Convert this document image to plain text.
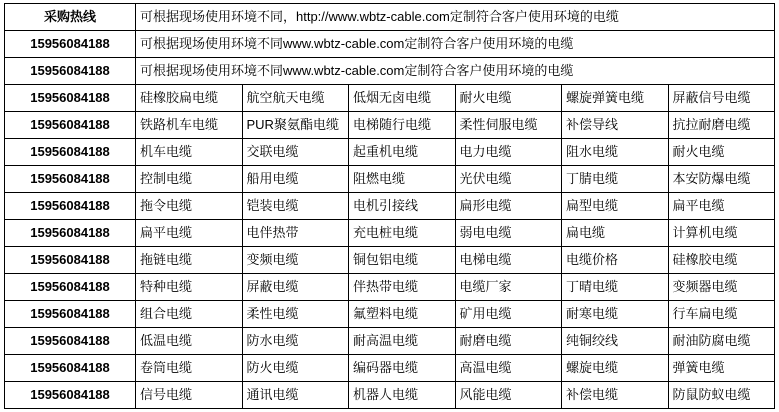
采购热线	可根据现场使用环境不同，http://www.wbtz-cable.com定制符合客户使用环境的电缆					
15956084188	可根据现场使用环境不同www.wbtz-cable.com定制符合客户使用环境的电缆					
15956084188	可根据现场使用环境不同www.wbtz-cable.com定制符合客户使用环境的电缆					
15956084188	硅橡胶扁电缆	航空航天电缆	低烟无卤电缆	耐火电缆	螺旋弹簧电缆	屏蔽信号电缆
15956084188	铁路机车电缆	PUR聚氨酯电缆	电梯随行电缆	柔性伺服电缆	补偿导线	抗拉耐磨电缆
15956084188	机车电缆	交联电缆	起重机电缆	电力电缆	阻水电缆	耐火电缆
15956084188	控制电缆	船用电缆	阻燃电缆	光伏电缆	丁腈电缆	本安防爆电缆
15956084188	拖令电缆	铠装电缆	电机引接线	扁形电缆	扁型电缆	扁平电缆
15956084188	扁平电缆	电伴热带	充电桩电缆	弱电电缆	扁电缆	计算机电缆
15956084188	拖链电缆	变频电缆	铜包铝电缆	电梯电缆	电缆价格	硅橡胶电缆
15956084188	特种电缆	屏蔽电缆	伴热带电缆	电缆厂家	丁晴电缆	变频器电缆
15956084188	组合电缆	柔性电缆	氟塑料电缆	矿用电缆	耐寒电缆	行车扁电缆
15956084188	低温电缆	防水电缆	耐高温电缆	耐磨电缆	纯铜绞线	耐油防腐电缆
15956084188	卷筒电缆	防火电缆	编码器电缆	高温电缆	螺旋电缆	弹簧电缆
15956084188	信号电缆	通讯电缆	机器人电缆	风能电缆	补偿电缆	防鼠防蚁电缆
